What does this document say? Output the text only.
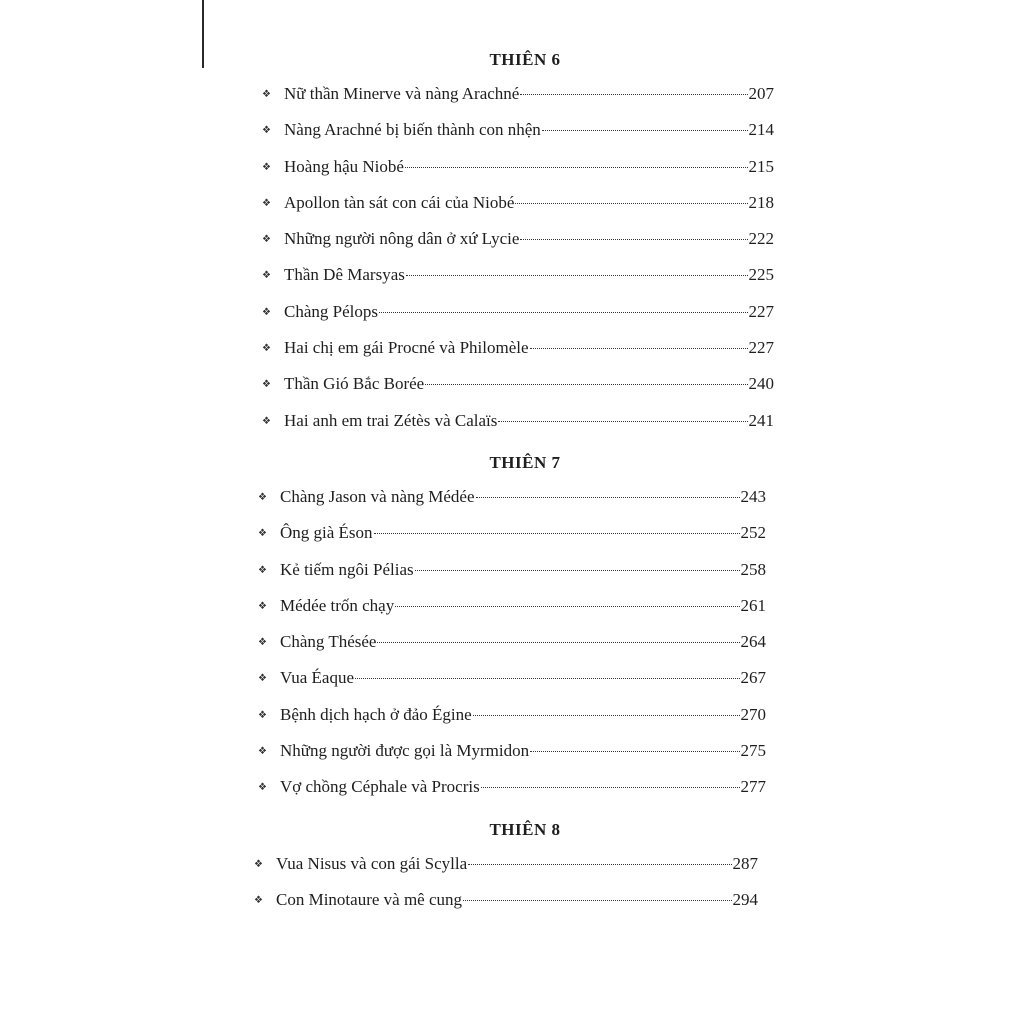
THIÊN 6
❖ Nữ thần Minerve và nàng Arachné	207
❖ Nàng Arachné bị biến thành con nhện	214
❖ Hoàng hậu Niobé	215
❖ Apollon tàn sát con cái của Niobé	218
❖ Những người nông dân ở xứ Lycie	222
❖ Thần Dê Marsyas	225
❖ Chàng Pélops	227
❖ Hai chị em gái Procné và Philomèle	227
❖ Thần Gió Bắc Borée	240
❖ Hai anh em trai Zétès và Calaïs	241
THIÊN 7
❖ Chàng Jason và nàng Médée	243
❖ Ông già Éson	252
❖ Kẻ tiếm ngôi Pélias	258
❖ Médée trốn chạy	261
❖ Chàng Thésée	264
❖ Vua Éaque	267
❖ Bệnh dịch hạch ở đảo Égine	270
❖ Những người được gọi là Myrmidon	275
❖ Vợ chồng Céphale và Procris	277
THIÊN 8
❖ Vua Nisus và con gái Scylla	287
❖ Con Minotaure và mê cung	294
